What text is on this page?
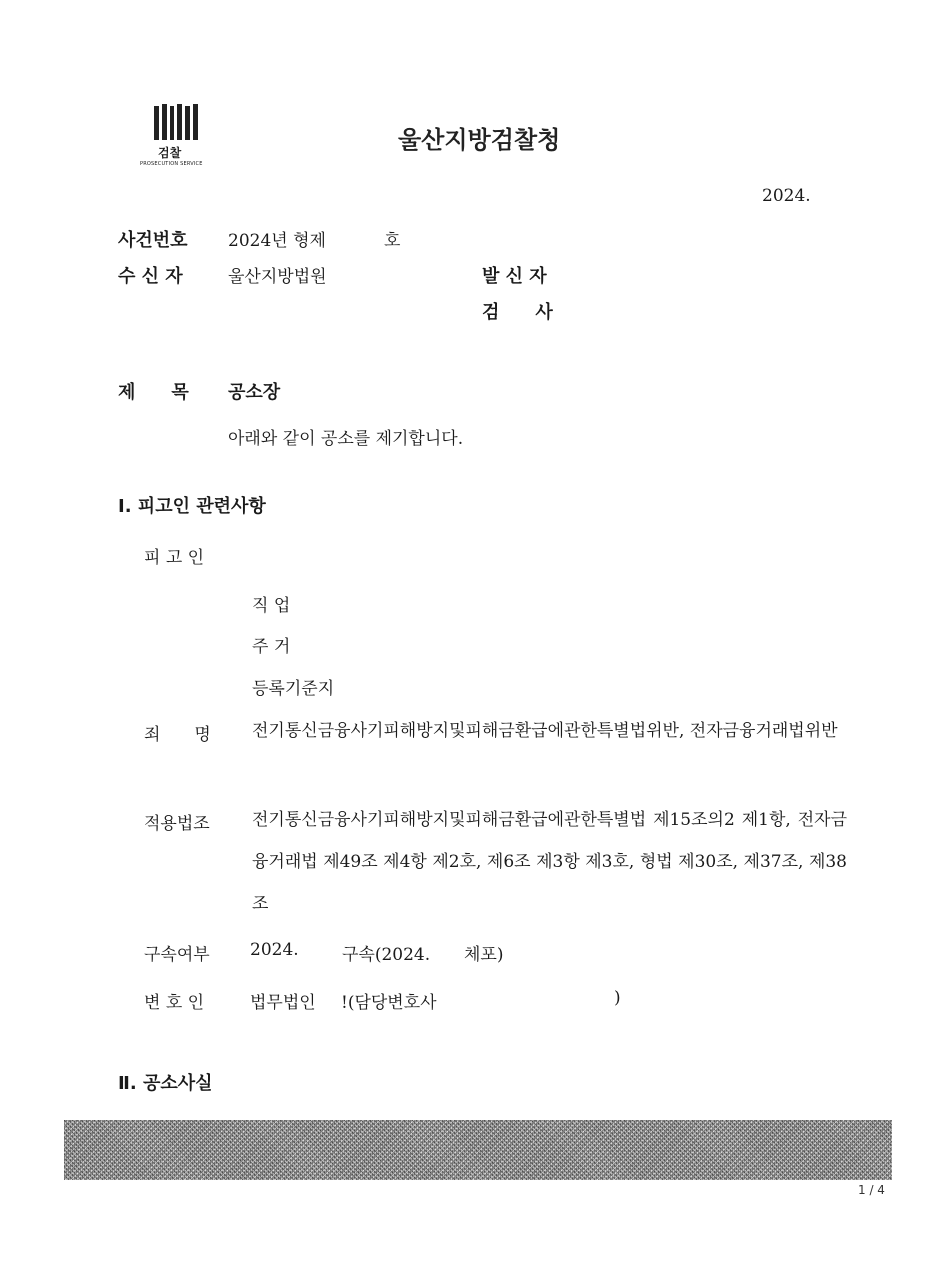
검찰
PROSECUTION SERVICE
울산지방검찰청
2024.
사건번호 2024년 형제	호
수 신 자	울산지방법원	발 신 자
검　　사
제　　목 공소장
아래와 같이 공소를 제기합니다.
Ⅰ. 피고인 관련사항
피 고 인
직 업
주 거
등록기준지
죄　　명 전기통신금융사기피해방지및피해금환급에관한특별법위반, 전자금융거래법위반
적용법조 전기통신금융사기피해방지및피해금환급에관한특별법 제15조의2 제1항, 전자금융거래법 제49조 제4항 제2호, 제6조 제3항 제3호, 형법 제30조, 제37조, 제38조
구속여부 2024.	구속(2024. 체포)
변 호 인	법무법인 !(담당변호사	)
Ⅱ. 공소사실
1 / 4
